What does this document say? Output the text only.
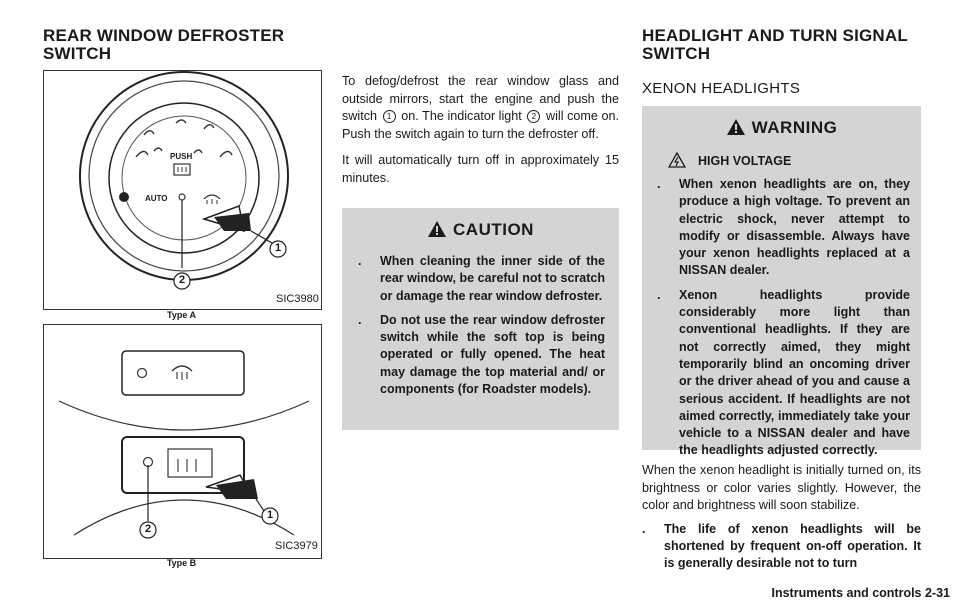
REAR WINDOW DEFROSTER SWITCH
PUSH
AUTO
1
2
SIC3980
Type A
1
2
SIC3979
Type B

To defog/defrost the rear window glass and outside mirrors, start the engine and push the switch 1 on. The indicator light 2 will come on. Push the switch again to turn the defroster off.

It will automatically turn off in approximately 15 minutes.

CAUTION
. When cleaning the inner side of the rear window, be careful not to scratch or damage the rear window defroster.
. Do not use the rear window defroster switch while the soft top is being operated or fully opened. The heat may damage the top material and/ or components (for Roadster models).
HEADLIGHT AND TURN SIGNAL SWITCH
XENON HEADLIGHTS
WARNING
HIGH VOLTAGE
. When xenon headlights are on, they produce a high voltage. To prevent an electric shock, never attempt to modify or disassemble. Always have your xenon headlights replaced at a NISSAN dealer.
. Xenon headlights provide considerably more light than conventional headlights. If they are not correctly aimed, they might temporarily blind an oncoming driver or the driver ahead of you and cause a serious accident. If headlights are not aimed correctly, immediately take your vehicle to a NISSAN dealer and have the headlights adjusted correctly.

When the xenon headlight is initially turned on, its brightness or color varies slightly. However, the color and brightness will soon stabilize.

. The life of xenon headlights will be shortened by frequent on-off operation. It is generally desirable not to turn
Instruments and controls 2-31
